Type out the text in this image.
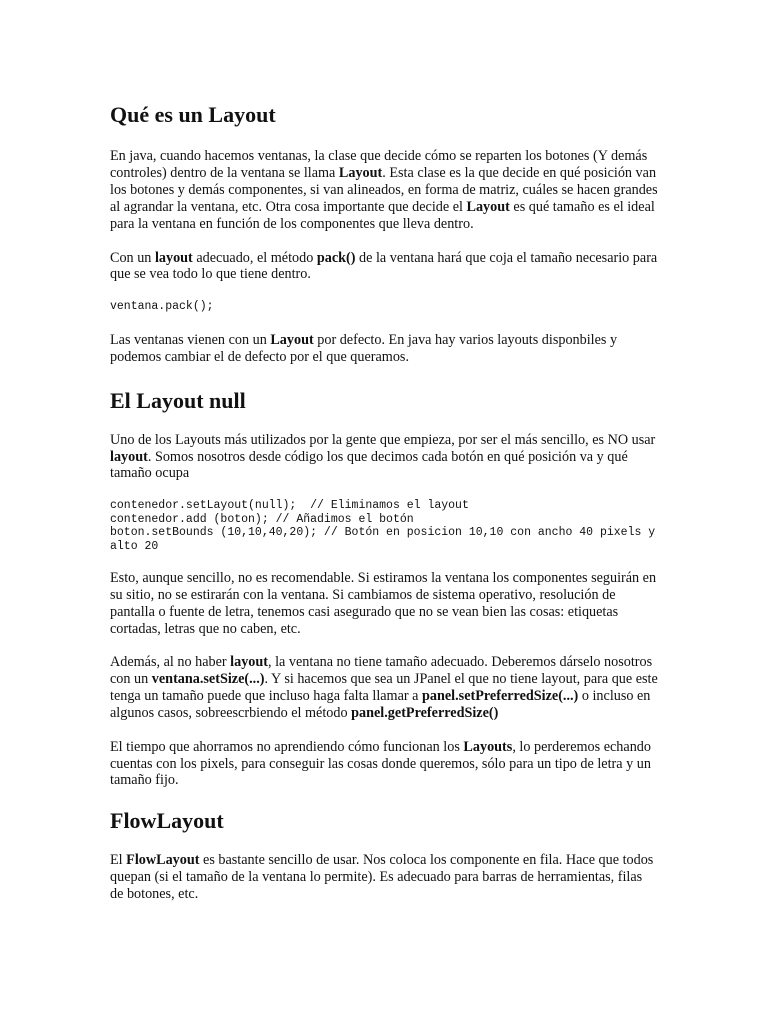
Qué es un Layout

En java, cuando hacemos ventanas, la clase que decide cómo se reparten los botones (Y demás controles) dentro de la ventana se llama Layout. Esta clase es la que decide en qué posición van los botones y demás componentes, si van alineados, en forma de matriz, cuáles se hacen grandes al agrandar la ventana, etc. Otra cosa importante que decide el Layout es qué tamaño es el ideal para la ventana en función de los componentes que lleva dentro.

Con un layout adecuado, el método pack() de la ventana hará que coja el tamaño necesario para que se vea todo lo que tiene dentro.

ventana.pack();

Las ventanas vienen con un Layout por defecto. En java hay varios layouts disponbiles y podemos cambiar el de defecto por el que queramos.

El Layout null

Uno de los Layouts más utilizados por la gente que empieza, por ser el más sencillo, es NO usar layout. Somos nosotros desde código los que decimos cada botón en qué posición va y qué tamaño ocupa

contenedor.setLayout(null);  // Eliminamos el layout
contenedor.add (boton); // Añadimos el botón
boton.setBounds (10,10,40,20); // Botón en posicion 10,10 con ancho 40 pixels y alto 20

Esto, aunque sencillo, no es recomendable. Si estiramos la ventana los componentes seguirán en su sitio, no se estirarán con la ventana. Si cambiamos de sistema operativo, resolución de pantalla o fuente de letra, tenemos casi asegurado que no se vean bien las cosas: etiquetas cortadas, letras que no caben, etc.

Además, al no haber layout, la ventana no tiene tamaño adecuado. Deberemos dárselo nosotros con un ventana.setSize(...). Y si hacemos que sea un JPanel el que no tiene layout, para que este tenga un tamaño puede que incluso haga falta llamar a panel.setPreferredSize(...) o incluso en algunos casos, sobreescrbiendo el método panel.getPreferredSize()

El tiempo que ahorramos no aprendiendo cómo funcionan los Layouts, lo perderemos echando cuentas con los pixels, para conseguir las cosas donde queremos, sólo para un tipo de letra y un tamaño fijo.

FlowLayout

El FlowLayout es bastante sencillo de usar. Nos coloca los componente en fila. Hace que todos quepan (si el tamaño de la ventana lo permite). Es adecuado para barras de herramientas, filas de botones, etc.
